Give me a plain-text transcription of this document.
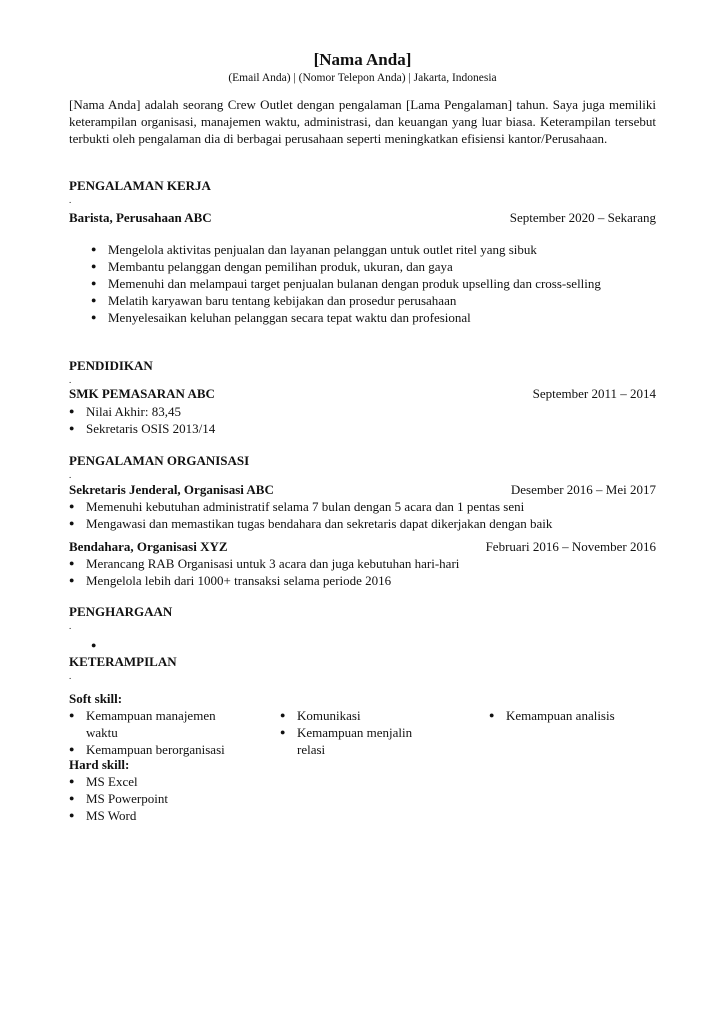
[Nama Anda]
(Email Anda) | (Nomor Telepon Anda) | Jakarta, Indonesia
[Nama Anda] adalah seorang Crew Outlet dengan pengalaman [Lama Pengalaman] tahun. Saya juga memiliki keterampilan organisasi, manajemen waktu, administrasi, dan keuangan yang luar biasa. Keterampilan tersebut terbukti oleh pengalaman dia di berbagai perusahaan seperti meningkatkan efisiensi kantor/Perusahaan.
PENGALAMAN KERJA
.
Barista, Perusahaan ABC	September 2020 – Sekarang
● Mengelola aktivitas penjualan dan layanan pelanggan untuk outlet ritel yang sibuk
● Membantu pelanggan dengan pemilihan produk, ukuran, dan gaya
● Memenuhi dan melampaui target penjualan bulanan dengan produk upselling dan cross-selling
● Melatih karyawan baru tentang kebijakan dan prosedur perusahaan
● Menyelesaikan keluhan pelanggan secara tepat waktu dan profesional
PENDIDIKAN
.
SMK PEMASARAN ABC	September 2011 – 2014
● Nilai Akhir: 83,45
● Sekretaris OSIS 2013/14
PENGALAMAN ORGANISASI
.
Sekretaris Jenderal, Organisasi ABC	Desember 2016 – Mei 2017
● Memenuhi kebutuhan administratif selama 7 bulan dengan 5 acara dan 1 pentas seni
● Mengawasi dan memastikan tugas bendahara dan sekretaris dapat dikerjakan dengan baik
Bendahara, Organisasi XYZ	Februari 2016 – November 2016
● Merancang RAB Organisasi untuk 3 acara dan juga kebutuhan hari-hari
● Mengelola lebih dari 1000+ transaksi selama periode 2016
PENGHARGAAN
.
●
KETERAMPILAN
.
Soft skill:
● Kemampuan manajemen waktu
● Kemampuan berorganisasi
● Komunikasi
● Kemampuan menjalin relasi
● Kemampuan analisis
Hard skill:
● MS Excel
● MS Powerpoint
● MS Word
